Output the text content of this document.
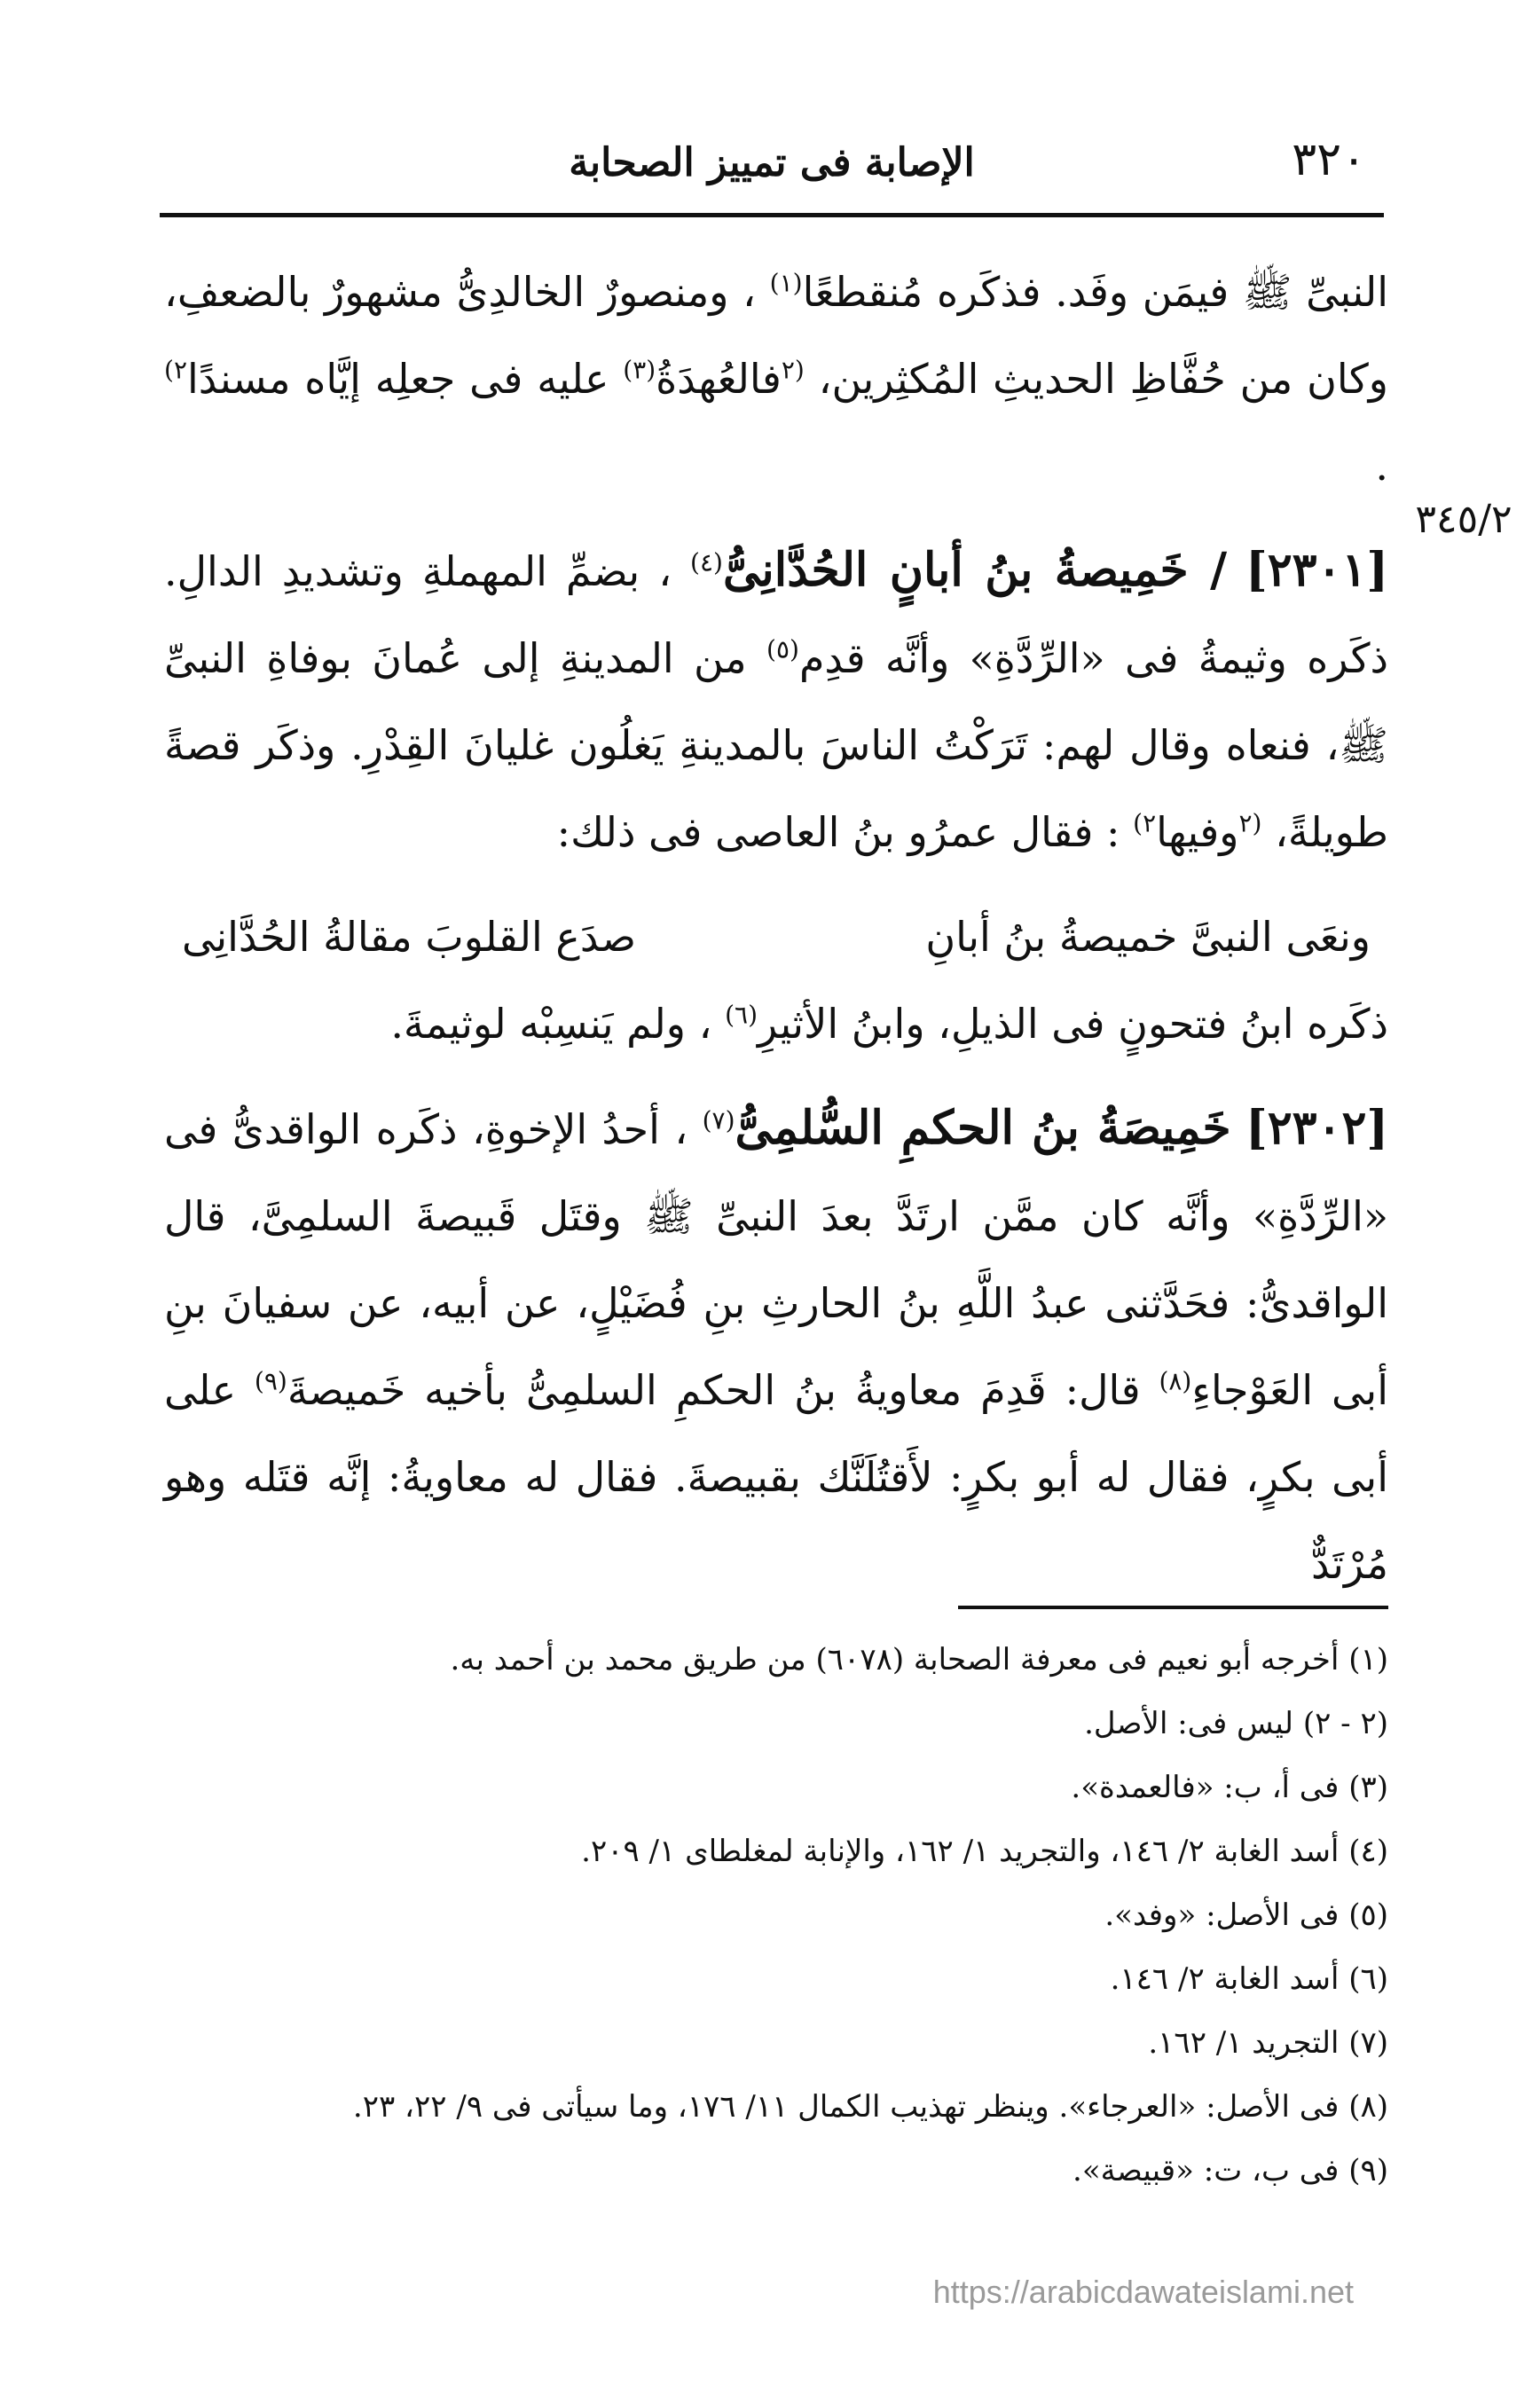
الإصابة فى تمييز الصحابة	٣٢٠
٣٤٥/٢

النبىِّ ﷺ فيمَن وفَد. فذكَره مُنقطعًا$^{(١)}$ ، ومنصورٌ الخالدِىُّ مشهورٌ بالضعفِ، وكان من حُفَّاظِ الحديثِ المُكثِرين، $^{(٢}$فالعُهدَةُ$^{(٣)}$ عليه فى جعلِه إيَّاه مسندًا$^{٢)}$ .

[٢٣٠١] / خَمِيصةُ بنُ أبانٍ الحُدَّانِىُّ$^{(٤)}$ ، بضمِّ المهملةِ وتشديدِ الدالِ. ذكَره وثيمةُ فى «الرِّدَّةِ» وأنَّه قدِم$^{(٥)}$ من المدينةِ إلى عُمانَ بوفاةِ النبىِّ ﷺ، فنعاه وقال لهم: تَرَكْتُ الناسَ بالمدينةِ يَغلُون غليانَ القِدْرِ. وذكَر قصةً طويلةً، $^{(٢}$وفيها$^{٢)}$ : فقال عمرُو بنُ العاصى فى ذلك:

ونعَى النبىَّ خميصةُ بنُ أبانِ
صدَع القلوبَ مقالةُ الحُدَّانِى

ذكَره ابنُ فتحونٍ فى الذيلِ، وابنُ الأثيرِ$^{(٦)}$ ، ولم يَنسِبْه لوثيمةَ.

[٢٣٠٢] خَمِيصَةُ بنُ الحكمِ السُّلمِىُّ$^{(٧)}$ ، أحدُ الإخوةِ، ذكَره الواقدىُّ فى «الرِّدَّةِ» وأنَّه كان ممَّن ارتَدَّ بعدَ النبىِّ ﷺ وقتَل قَبيصةَ السلمِىَّ، قال الواقدىُّ: فحَدَّثنى عبدُ اللَّهِ بنُ الحارثِ بنِ فُضَيْلٍ، عن أبيه، عن سفيانَ بنِ أبى العَوْجاءِ$^{(٨)}$ قال: قَدِمَ معاويةُ بنُ الحكمِ السلمِىُّ بأخيه خَميصةَ$^{(٩)}$ على أبى بكرٍ، فقال له أبو بكرٍ: لأَقتُلَنَّك بقبيصةَ. فقال له معاويةُ: إنَّه قتَله وهو مُرْتَدٌّ

(١) أخرجه أبو نعيم فى معرفة الصحابة (٦٠٧٨) من طريق محمد بن أحمد به.
(٢ - ٢) ليس فى: الأصل.
(٣) فى أ، ب: «فالعمدة».
(٤) أسد الغابة ٢/ ١٤٦، والتجريد ١/ ١٦٢، والإنابة لمغلطاى ١/ ٢٠٩.
(٥) فى الأصل: «وفد».
(٦) أسد الغابة ٢/ ١٤٦.
(٧) التجريد ١/ ١٦٢.
(٨) فى الأصل: «العرجاء». وينظر تهذيب الكمال ١١/ ١٧٦، وما سيأتى فى ٩/ ٢٢، ٢٣.
(٩) فى ب، ت: «قبيصة».
https://arabicdawateislami.net
